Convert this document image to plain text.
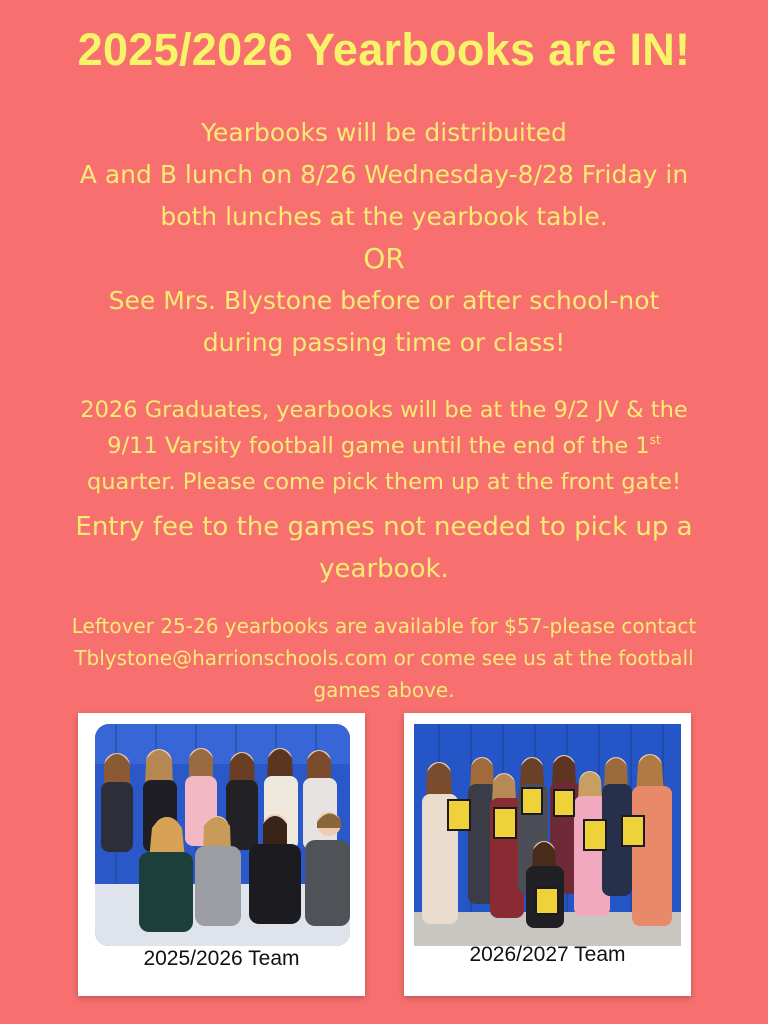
2025/2026 Yearbooks are IN!
Yearbooks will be distribuited
A and B lunch on 8/26 Wednesday-8/28 Friday in
both lunches at the yearbook table.
OR
See Mrs. Blystone before or after school-not
during passing time or class!
2026 Graduates, yearbooks will be at the 9/2 JV & the
9/11 Varsity football game until the end of the 1st
quarter. Please come pick them up at the front gate!
Entry fee to the games not needed to pick up a
yearbook.
Leftover 25-26 yearbooks are available for $57-please contact
Tblystone@harrionschools.com or come see us at the football
games above.
2025/2026 Team	2026/2027 Team
